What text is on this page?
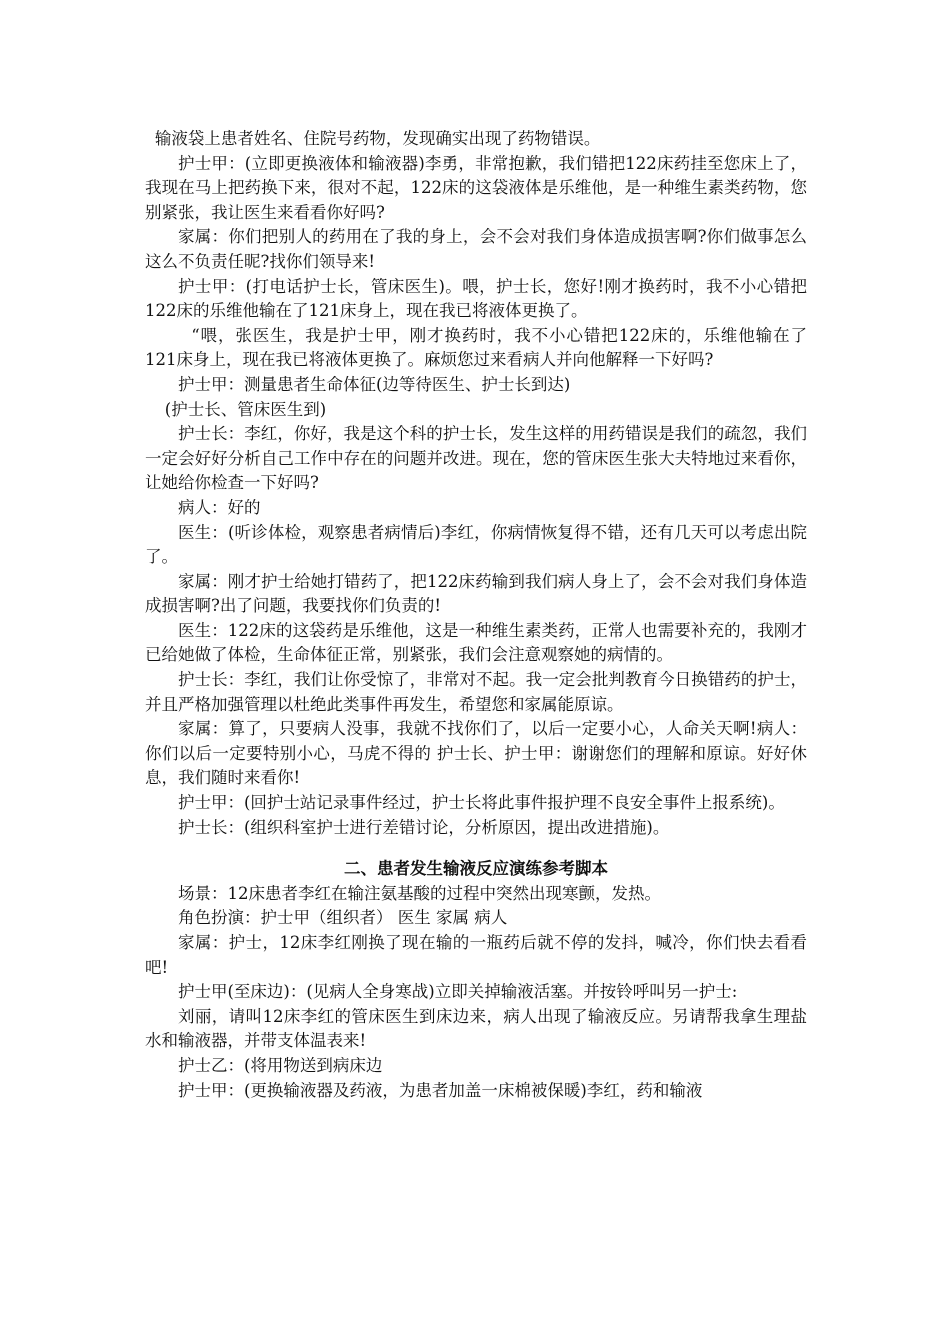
输液袋上患者姓名、住院号药物，发现确实出现了药物错误。

护士甲：(立即更换液体和输液器)李勇，非常抱歉，我们错把122床药挂至您床上了，我现在马上把药换下来，很对不起，122床的这袋液体是乐维他，是一种维生素类药物，您别紧张，我让医生来看看你好吗?

家属：你们把别人的药用在了我的身上，会不会对我们身体造成损害啊?你们做事怎么这么不负责任昵?找你们领导来!

护士甲：(打电话护士长，管床医生)。喂，护士长，您好!刚才换药时，我不小心错把122床的乐维他输在了121床身上，现在我已将液体更换了。

“喂，张医生，我是护士甲，刚才换药时，我不小心错把122床的，乐维他输在了121床身上，现在我已将液体更换了。麻烦您过来看病人并向他解释一下好吗?

护士甲：测量患者生命体征(边等待医生、护士长到达)

(护士长、管床医生到)

护士长：李红，你好，我是这个科的护士长，发生这样的用药错误是我们的疏忽，我们一定会好好分析自己工作中存在的问题并改进。现在，您的管床医生张大夫特地过来看你，让她给你检查一下好吗?

病人：好的

医生：(听诊体检，观察患者病情后)李红，你病情恢复得不错，还有几天可以考虑出院了。

家属：刚才护士给她打错药了，把122床药输到我们病人身上了，会不会对我们身体造成损害啊?出了问题，我要找你们负责的!

医生：122床的这袋药是乐维他，这是一种维生素类药，正常人也需要补充的，我刚才已给她做了体检，生命体征正常，别紧张，我们会注意观察她的病情的。

护士长：李红，我们让你受惊了，非常对不起。我一定会批判教育今日换错药的护士，并且严格加强管理以杜绝此类事件再发生，希望您和家属能原谅。

家属：算了，只要病人没事，我就不找你们了，以后一定要小心，人命关天啊!病人：你们以后一定要特别小心，马虎不得的 护士长、护士甲：谢谢您们的理解和原谅。好好休息，我们随时来看你!

护士甲：(回护士站记录事件经过，护士长将此事件报护理不良安全事件上报系统)。

护士长：(组织科室护士进行差错讨论，分析原因，提出改进措施)。

二、患者发生输液反应演练参考脚本

场景：12床患者李红在输注氨基酸的过程中突然出现寒颤，发热。

角色扮演：护士甲（组织者） 医生 家属 病人

家属：护士，12床李红刚换了现在输的一瓶药后就不停的发抖，喊冷，你们快去看看吧!

护士甲(至床边)：(见病人全身寒战)立即关掉输液活塞。并按铃呼叫另一护士:

刘丽，请叫12床李红的管床医生到床边来，病人出现了输液反应。另请帮我拿生理盐水和输液器，并带支体温表来!

护士乙：(将用物送到病床边

护士甲：(更换输液器及药液，为患者加盖一床棉被保暖)李红，药和输液
